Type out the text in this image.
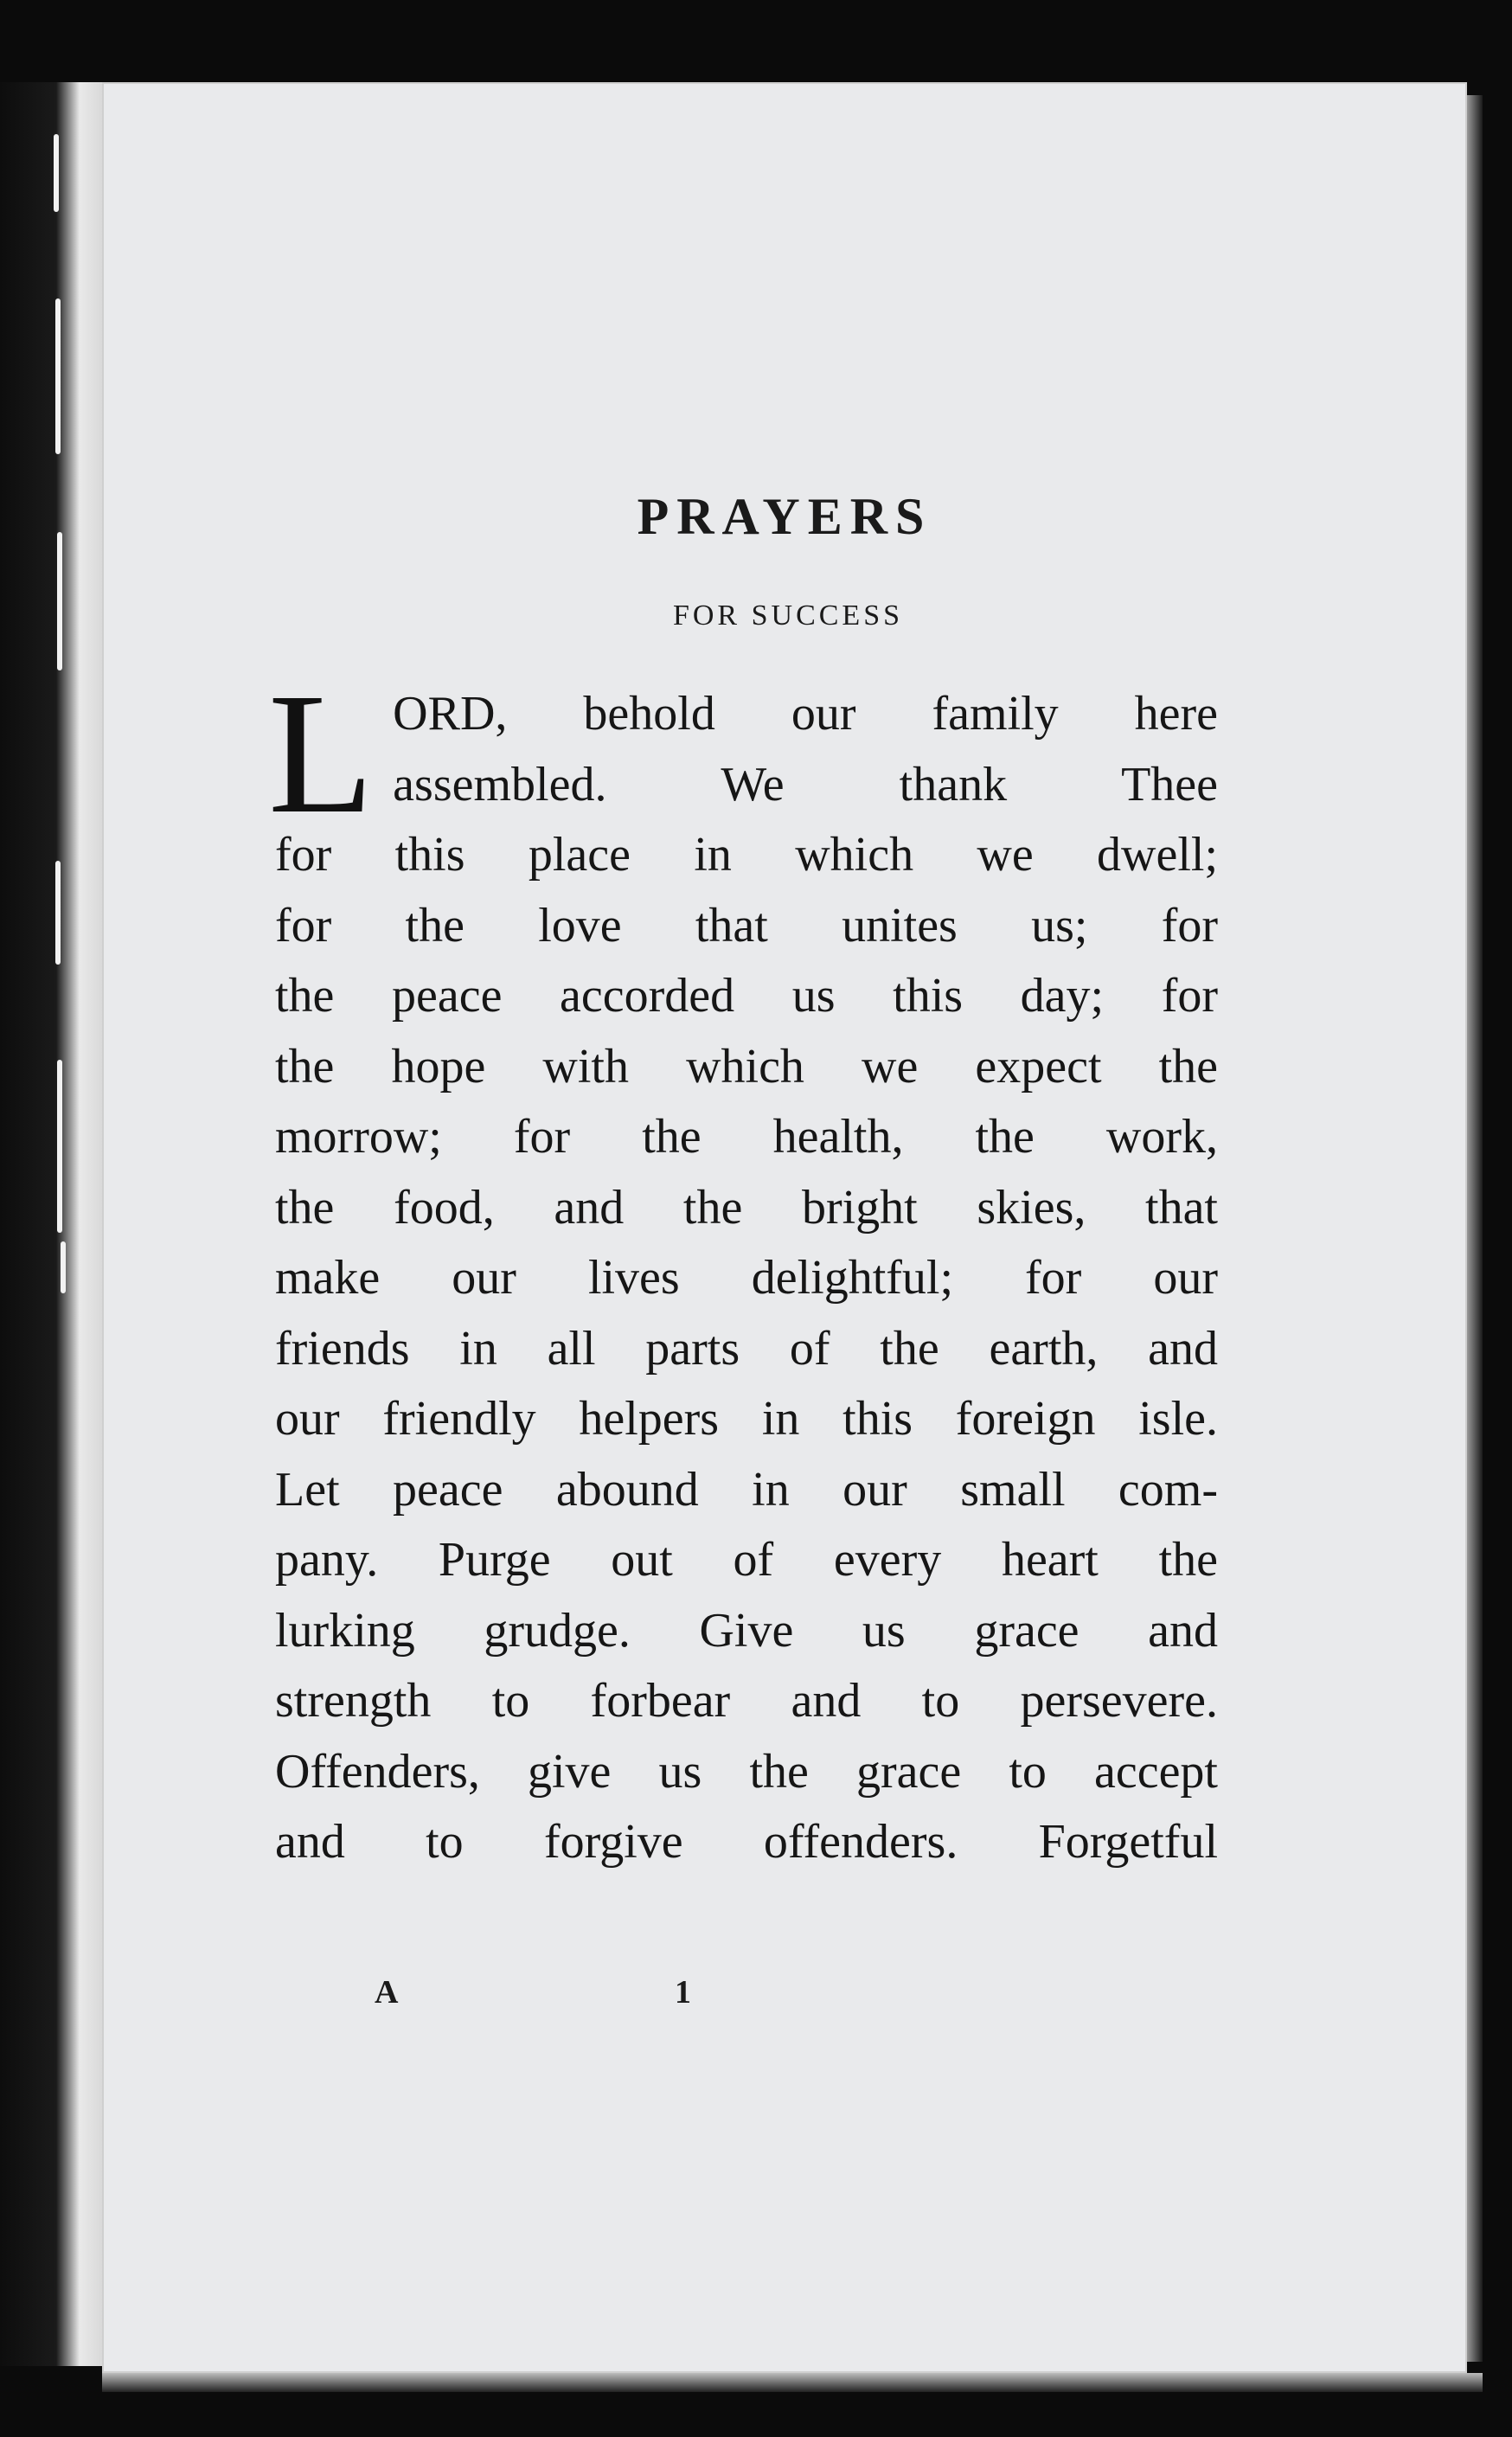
PRAYERS
FOR SUCCESS
L ORD, behold our family here
assembled. We thank Thee
for this place in which we dwell;
for the love that unites us; for
the peace accorded us this day; for
the hope with which we expect the
morrow; for the health, the work,
the food, and the bright skies, that
make our lives delightful; for our
friends in all parts of the earth, and
our friendly helpers in this foreign isle.
Let peace abound in our small com-
pany. Purge out of every heart the
lurking grudge. Give us grace and
strength to forbear and to persevere.
Offenders, give us the grace to accept
and to forgive offenders. Forgetful
A	1
